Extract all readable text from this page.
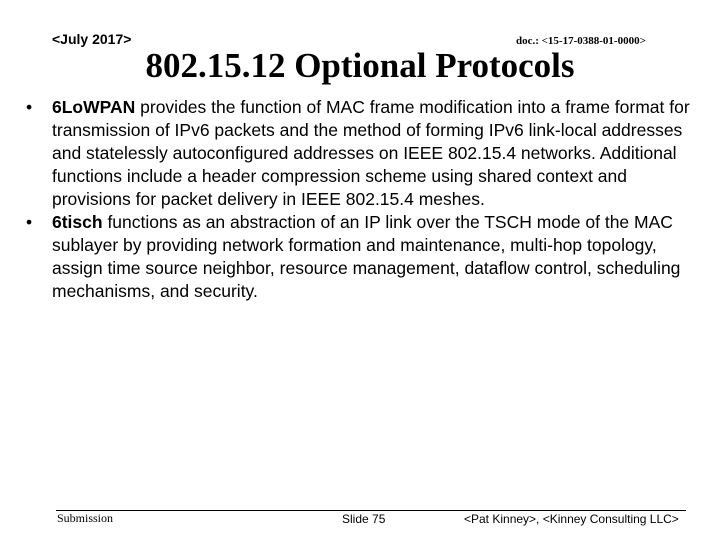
<July 2017>	doc.: <15-17-0388-01-0000>
802.15.12 Optional Protocols
• 6LoWPAN provides the function of MAC frame modification into a frame format for transmission of IPv6 packets and the method of forming IPv6 link-local addresses and statelessly autoconfigured addresses on IEEE 802.15.4 networks. Additional functions include a header compression scheme using shared context and provisions for packet delivery in IEEE 802.15.4 meshes.
• 6tisch functions as an abstraction of an IP link over the TSCH mode of the MAC sublayer by providing network formation and maintenance, multi-hop topology, assign time source neighbor, resource management, dataflow control, scheduling mechanisms, and security.
Submission	Slide 75	<Pat Kinney>, <Kinney Consulting LLC>
